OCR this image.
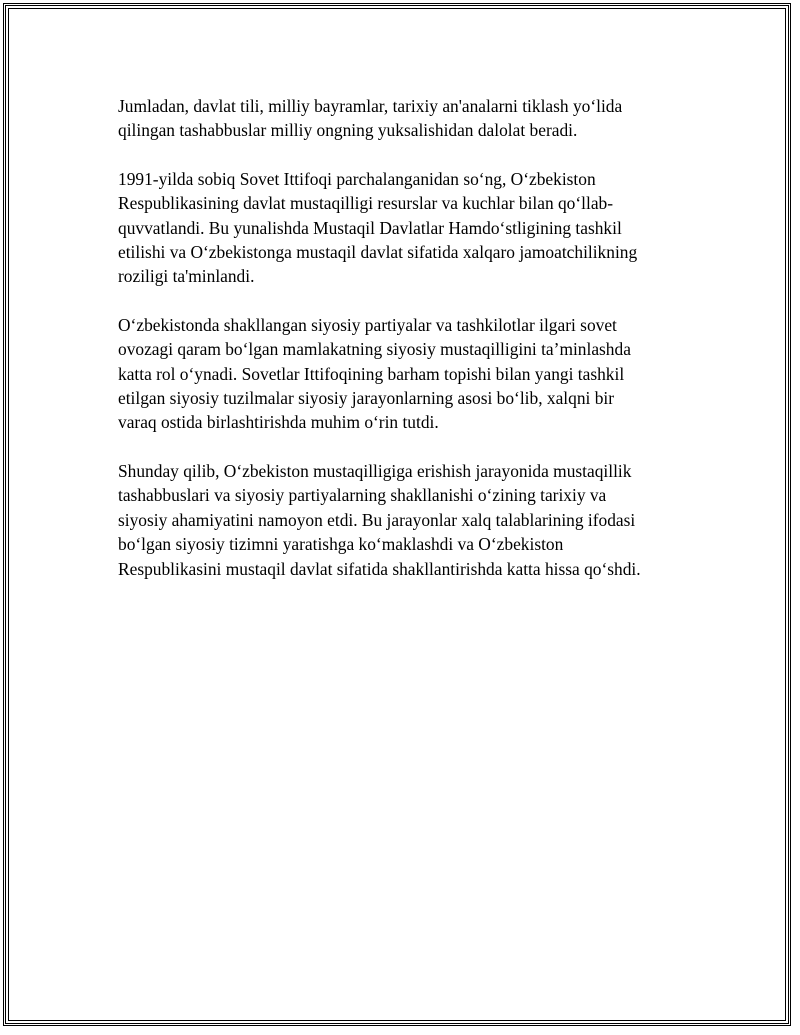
Jumladan, davlat tili, milliy bayramlar, tarixiy an'analarni tiklash yo‘lida
qilingan tashabbuslar milliy ongning yuksalishidan dalolat beradi.

1991-yilda sobiq Sovet Ittifoqi parchalanganidan so‘ng, O‘zbekiston
Respublikasining davlat mustaqilligi resurslar va kuchlar bilan qo‘llab-
quvvatlandi. Bu yunalishda Mustaqil Davlatlar Hamdo‘stligining tashkil
etilishi va O‘zbekistonga mustaqil davlat sifatida xalqaro jamoatchilikning
roziligi ta'minlandi.

O‘zbekistonda shakllangan siyosiy partiyalar va tashkilotlar ilgari sovet
ovozagi qaram bo‘lgan mamlakatning siyosiy mustaqilligini ta’minlashda
katta rol o‘ynadi. Sovetlar Ittifoqining barham topishi bilan yangi tashkil
etilgan siyosiy tuzilmalar siyosiy jarayonlarning asosi bo‘lib, xalqni bir
varaq ostida birlashtirishda muhim o‘rin tutdi.

Shunday qilib, O‘zbekiston mustaqilligiga erishish jarayonida mustaqillik
tashabbuslari va siyosiy partiyalarning shakllanishi o‘zining tarixiy va
siyosiy ahamiyatini namoyon etdi. Bu jarayonlar xalq talablarining ifodasi
bo‘lgan siyosiy tizimni yaratishga ko‘maklashdi va O‘zbekiston
Respublikasini mustaqil davlat sifatida shakllantirishda katta hissa qo‘shdi.
